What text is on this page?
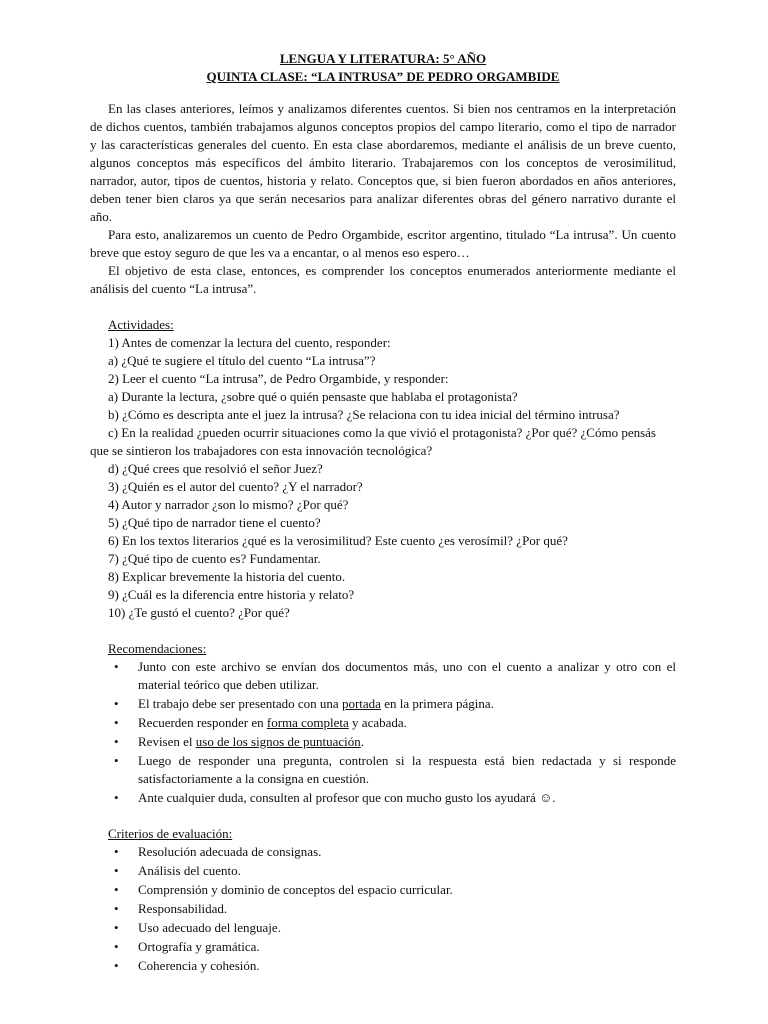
LENGUA Y LITERATURA: 5° AÑO

QUINTA CLASE: “LA INTRUSA” DE PEDRO ORGAMBIDE

En las clases anteriores, leímos y analizamos diferentes cuentos. Si bien nos centramos en la interpretación de dichos cuentos, también trabajamos algunos conceptos propios del campo literario, como el tipo de narrador y las características generales del cuento. En esta clase abordaremos, mediante el análisis de un breve cuento, algunos conceptos más específicos del ámbito literario. Trabajaremos con los conceptos de verosimilitud, narrador, autor, tipos de cuentos, historia y relato. Conceptos que, si bien fueron abordados en años anteriores, deben tener bien claros ya que serán necesarios para analizar diferentes obras del género narrativo durante el año.

Para esto, analizaremos un cuento de Pedro Orgambide, escritor argentino, titulado “La intrusa”. Un cuento breve que estoy seguro de que les va a encantar, o al menos eso espero…

El objetivo de esta clase, entonces, es comprender los conceptos enumerados anteriormente mediante el análisis del cuento “La intrusa”.

Actividades:

1) Antes de comenzar la lectura del cuento, responder:

a) ¿Qué te sugiere el título del cuento “La intrusa”?

2) Leer el cuento “La intrusa”, de Pedro Orgambide, y responder:

a) Durante la lectura, ¿sobre qué o quién pensaste que hablaba el protagonista?

b) ¿Cómo es descripta ante el juez la intrusa? ¿Se relaciona con tu idea inicial del término intrusa?

c) En la realidad ¿pueden ocurrir situaciones como la que vivió el protagonista? ¿Por qué? ¿Cómo pensás que se sintieron los trabajadores con esta innovación tecnológica?

d) ¿Qué crees que resolvió el señor Juez?

3) ¿Quién es el autor del cuento? ¿Y el narrador?

4) Autor y narrador ¿son lo mismo? ¿Por qué?

5) ¿Qué tipo de narrador tiene el cuento?

6) En los textos literarios ¿qué es la verosimilitud? Este cuento ¿es verosímil? ¿Por qué?

7) ¿Qué tipo de cuento es? Fundamentar.

8) Explicar brevemente la historia del cuento.

9) ¿Cuál es la diferencia entre historia y relato?

10) ¿Te gustó el cuento? ¿Por qué?

Recomendaciones:

• Junto con este archivo se envían dos documentos más, uno con el cuento a analizar y otro con el material teórico que deben utilizar.
• El trabajo debe ser presentado con una portada en la primera página.
• Recuerden responder en forma completa y acabada.
• Revisen el uso de los signos de puntuación.
• Luego de responder una pregunta, controlen si la respuesta está bien redactada y si responde satisfactoriamente a la consigna en cuestión.
• Ante cualquier duda, consulten al profesor que con mucho gusto los ayudará ☺.

Criterios de evaluación:

• Resolución adecuada de consignas.
• Análisis del cuento.
• Comprensión y dominio de conceptos del espacio curricular.
• Responsabilidad.
• Uso adecuado del lenguaje.
• Ortografía y gramática.
• Coherencia y cohesión.
